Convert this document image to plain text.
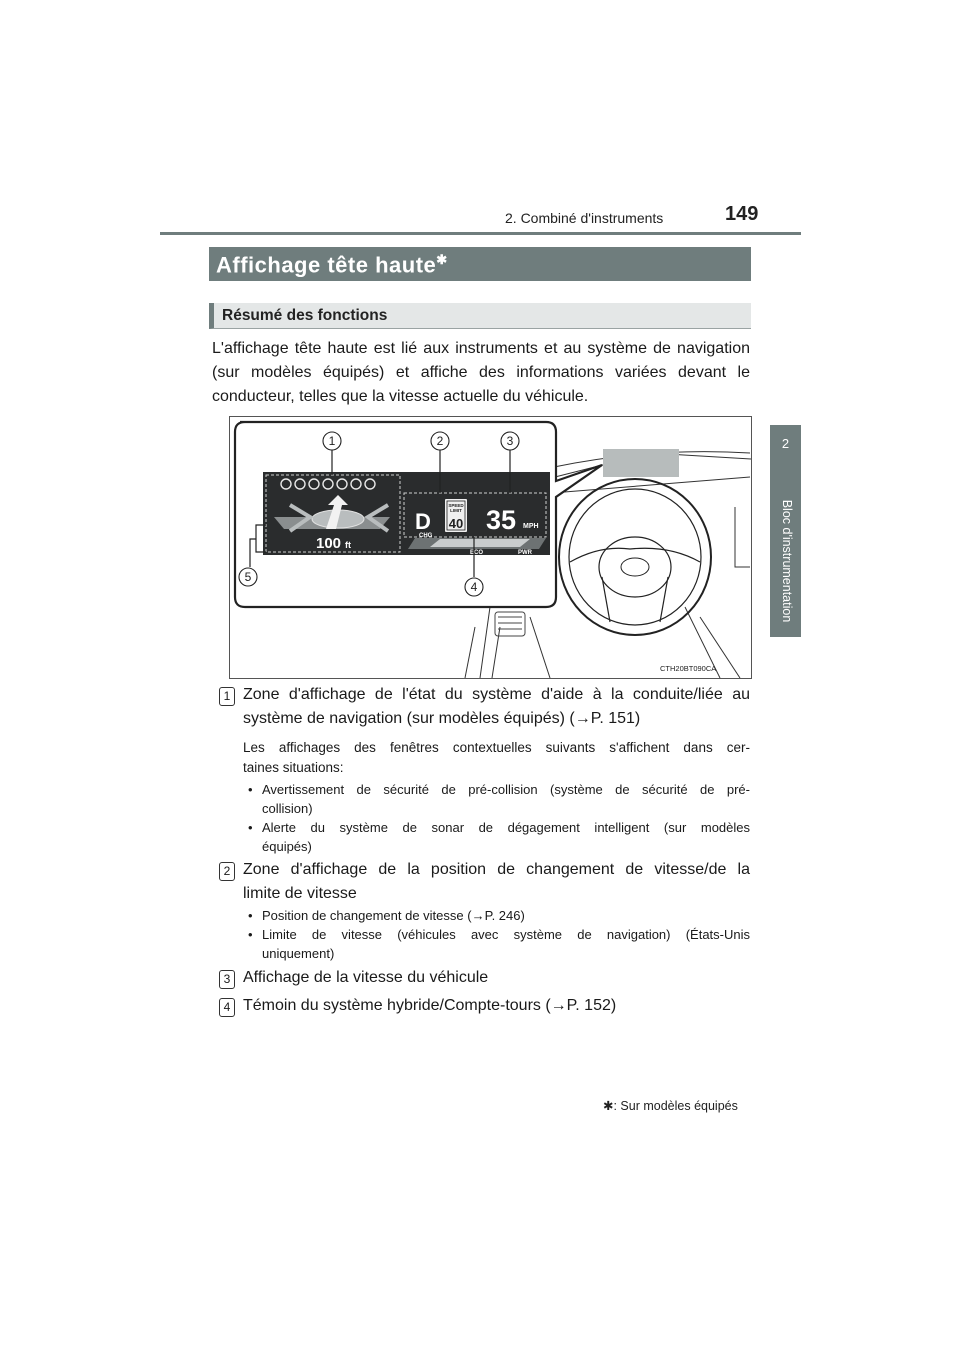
2. Combiné d'instruments	149
2
Bloc d'instrumentation
Affichage tête haute✱
Résumé des fonctions
L'affichage tête haute est lié aux instruments et au système de navigation (sur modèles équipés) et affiche des informations variées devant le conducteur, telles que la vitesse actuelle du véhicule.
100 ft
D
SPEED
LIMIT
40 35 MPH
CHG
ECO	PWR
1	2	3
4
5
CTH20BT090CA
1 Zone d'affichage de l'état du système d'aide à la conduite/liée au
système de navigation (sur modèles équipés) (→P. 151)
Les affichages des fenêtres contextuelles suivants s'affichent dans cer-
taines situations:
• Avertissement de sécurité de pré-collision (système de sécurité de pré-
collision)
• Alerte du système de sonar de dégagement intelligent (sur modèles
équipés)
2 Zone d'affichage de la position de changement de vitesse/de la
limite de vitesse
• Position de changement de vitesse (→P. 246)
• Limite de vitesse (véhicules avec système de navigation) (États-Unis
uniquement)
3 Affichage de la vitesse du véhicule
4 Témoin du système hybride/Compte-tours (→P. 152)
✱: Sur modèles équipés
